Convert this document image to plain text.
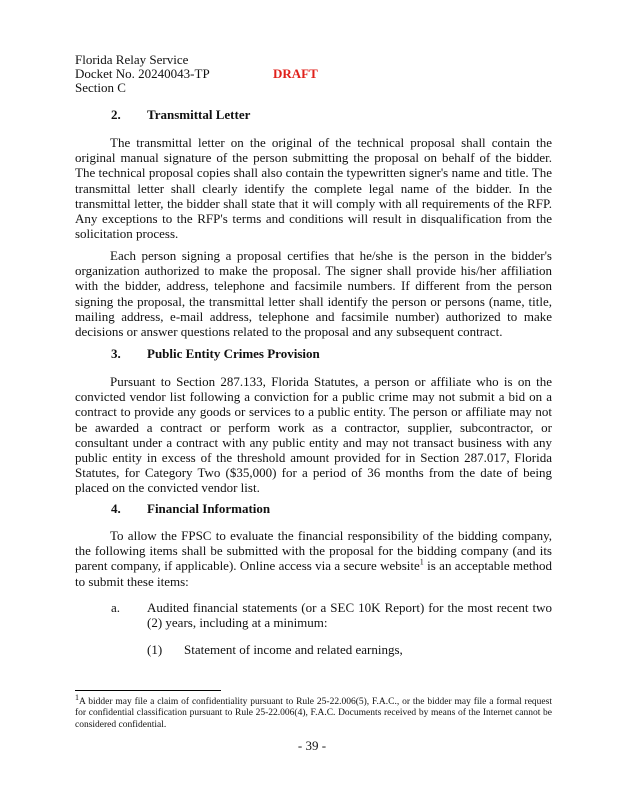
Florida Relay Service
Docket No. 20240043-TP	DRAFT
Section C
2. Transmittal Letter
The transmittal letter on the original of the technical proposal shall contain the original manual signature of the person submitting the proposal on behalf of the bidder. The technical proposal copies shall also contain the typewritten signer's name and title. The transmittal letter shall clearly identify the complete legal name of the bidder. In the transmittal letter, the bidder shall state that it will comply with all requirements of the RFP. Any exceptions to the RFP's terms and conditions will result in disqualification from the solicitation process.
Each person signing a proposal certifies that he/she is the person in the bidder's organization authorized to make the proposal. The signer shall provide his/her affiliation with the bidder, address, telephone and facsimile numbers. If different from the person signing the proposal, the transmittal letter shall identify the person or persons (name, title, mailing address, e-mail address, telephone and facsimile number) authorized to make decisions or answer questions related to the proposal and any subsequent contract.
3. Public Entity Crimes Provision
Pursuant to Section 287.133, Florida Statutes, a person or affiliate who is on the convicted vendor list following a conviction for a public crime may not submit a bid on a contract to provide any goods or services to a public entity. The person or affiliate may not be awarded a contract or perform work as a contractor, supplier, subcontractor, or consultant under a contract with any public entity and may not transact business with any public entity in excess of the threshold amount provided for in Section 287.017, Florida Statutes, for Category Two ($35,000) for a period of 36 months from the date of being placed on the convicted vendor list.
4. Financial Information
To allow the FPSC to evaluate the financial responsibility of the bidding company, the following items shall be submitted with the proposal for the bidding company (and its parent company, if applicable). Online access via a secure website$^1$ is an acceptable method to submit these items:
a. Audited financial statements (or a SEC 10K Report) for the most recent two (2) years, including at a minimum:
(1) Statement of income and related earnings,
$^1$A bidder may file a claim of confidentiality pursuant to Rule 25-22.006(5), F.A.C., or the bidder may file a formal request for confidential classification pursuant to Rule 25-22.006(4), F.A.C. Documents received by means of the Internet cannot be considered confidential.
- 39 -
